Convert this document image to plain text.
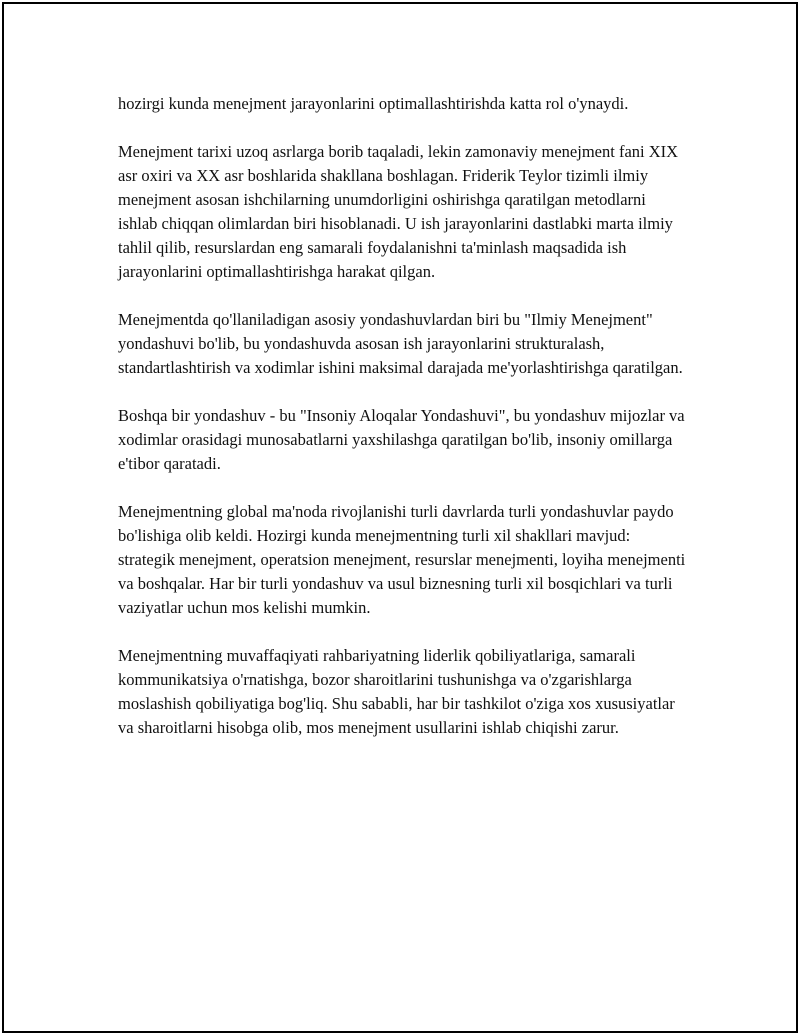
hozirgi kunda menejment jarayonlarini optimallashtirishda katta rol o'ynaydi.

Menejment tarixi uzoq asrlarga borib taqaladi, lekin zamonaviy menejment fani XIX asr oxiri va XX asr boshlarida shakllana boshlagan. Friderik Teylor tizimli ilmiy menejment asosan ishchilarning unumdorligini oshirishga qaratilgan metodlarni ishlab chiqqan olimlardan biri hisoblanadi. U ish jarayonlarini dastlabki marta ilmiy tahlil qilib, resurslardan eng samarali foydalanishni ta'minlash maqsadida ish jarayonlarini optimallashtirishga harakat qilgan.

Menejmentda qo'llaniladigan asosiy yondashuvlardan biri bu "Ilmiy Menejment" yondashuvi bo'lib, bu yondashuvda asosan ish jarayonlarini strukturalash, standartlashtirish va xodimlar ishini maksimal darajada me'yorlashtirishga qaratilgan.

Boshqa bir yondashuv - bu "Insoniy Aloqalar Yondashuvi", bu yondashuv mijozlar va xodimlar orasidagi munosabatlarni yaxshilashga qaratilgan bo'lib, insoniy omillarga e'tibor qaratadi.

Menejmentning global ma'noda rivojlanishi turli davrlarda turli yondashuvlar paydo bo'lishiga olib keldi. Hozirgi kunda menejmentning turli xil shakllari mavjud: strategik menejment, operatsion menejment, resurslar menejmenti, loyiha menejmenti va boshqalar. Har bir turli yondashuv va usul biznesning turli xil bosqichlari va turli vaziyatlar uchun mos kelishi mumkin.

Menejmentning muvaffaqiyati rahbariyatning liderlik qobiliyatlariga, samarali kommunikatsiya o'rnatishga, bozor sharoitlarini tushunishga va o'zgarishlarga moslashish qobiliyatiga bog'liq. Shu sababli, har bir tashkilot o'ziga xos xususiyatlar va sharoitlarni hisobga olib, mos menejment usullarini ishlab chiqishi zarur.
